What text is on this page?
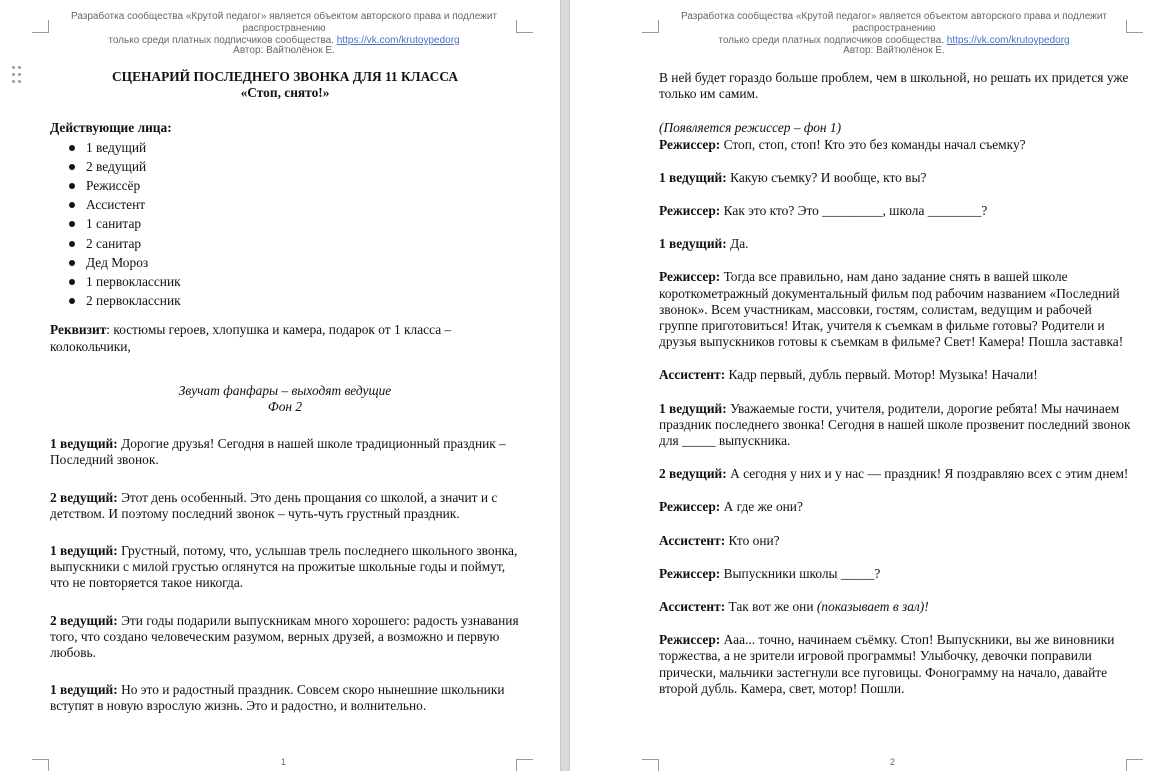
Разработка сообщества «Крутой педагог» является объектом авторского права и подлежит распространению
только среди платных подписчиков сообщества. https://vk.com/krutoypedorg
Автор: Вайтюлёнок Е.

СЦЕНАРИЙ ПОСЛЕДНЕГО ЗВОНКА ДЛЯ 11 КЛАССА

«Стоп, снято!»

Действующие лица:

1 ведущий
2 ведущий
Режиссёр
Ассистент
1 санитар
2 санитар
Дед Мороз
1 первоклассник
2 первоклассник

Реквизит: костюмы героев, хлопушка и камера, подарок от 1 класса – колокольчики,

Звучат фанфары – выходят ведущие

Фон 2

1 ведущий: Дорогие друзья! Сегодня в нашей школе традиционный праздник – Последний звонок.

2 ведущий: Этот день особенный. Это день прощания со школой, а значит и с детством. И поэтому последний звонок – чуть-чуть грустный праздник.

1 ведущий: Грустный, потому, что, услышав трель последнего школьного звонка, выпускники с милой грустью оглянутся на прожитые школьные годы и поймут, что не повторяется такое никогда.

2 ведущий: Эти годы подарили выпускникам много хорошего: радость узнавания того, что создано человеческим разумом, верных друзей, а возможно и первую любовь.

1 ведущий: Но это и радостный праздник. Совсем скоро нынешние школьники вступят в новую взрослую жизнь. Это и радостно, и волнительно.

1
Разработка сообщества «Крутой педагог» является объектом авторского права и подлежит распространению
только среди платных подписчиков сообщества. https://vk.com/krutoypedorg
Автор: Вайтюлёнок Е.

В ней будет гораздо больше проблем, чем в школьной, но решать их придется уже только им самим.

(Появляется режиссер – фон 1)

Режиссер: Стоп, стоп, стоп! Кто это без команды начал съемку?

1 ведущий: Какую съемку? И вообще, кто вы?

Режиссер: Как это кто? Это _________, школа ________?

1 ведущий: Да.

Режиссер: Тогда все правильно, нам дано задание снять в вашей школе короткометражный документальный фильм под рабочим названием «Последний звонок». Всем участникам, массовки, гостям, солистам, ведущим и рабочей группе приготовиться! Итак, учителя к съемкам в фильме готовы? Родители и друзья выпускников готовы к съемкам в фильме? Свет! Камера! Пошла заставка!

Ассистент: Кадр первый, дубль первый. Мотор! Музыка! Начали!

1 ведущий: Уважаемые гости, учителя, родители, дорогие ребята! Мы начинаем праздник последнего звонка! Сегодня в нашей школе прозвенит последний звонок для _____ выпускника.

2 ведущий: А сегодня у них и у нас — праздник! Я поздравляю всех с этим днем!

Режиссер: А где же они?

Ассистент: Кто они?

Режиссер: Выпускники школы _____?

Ассистент: Так вот же они (показывает в зал)!

Режиссер: Ааа... точно, начинаем съёмку. Стоп! Выпускники, вы же виновники торжества, а не зрители игровой программы! Улыбочку, девочки поправили прически, мальчики застегнули все пуговицы. Фонограмму на начало, давайте второй дубль. Камера, свет, мотор! Пошли.

2
